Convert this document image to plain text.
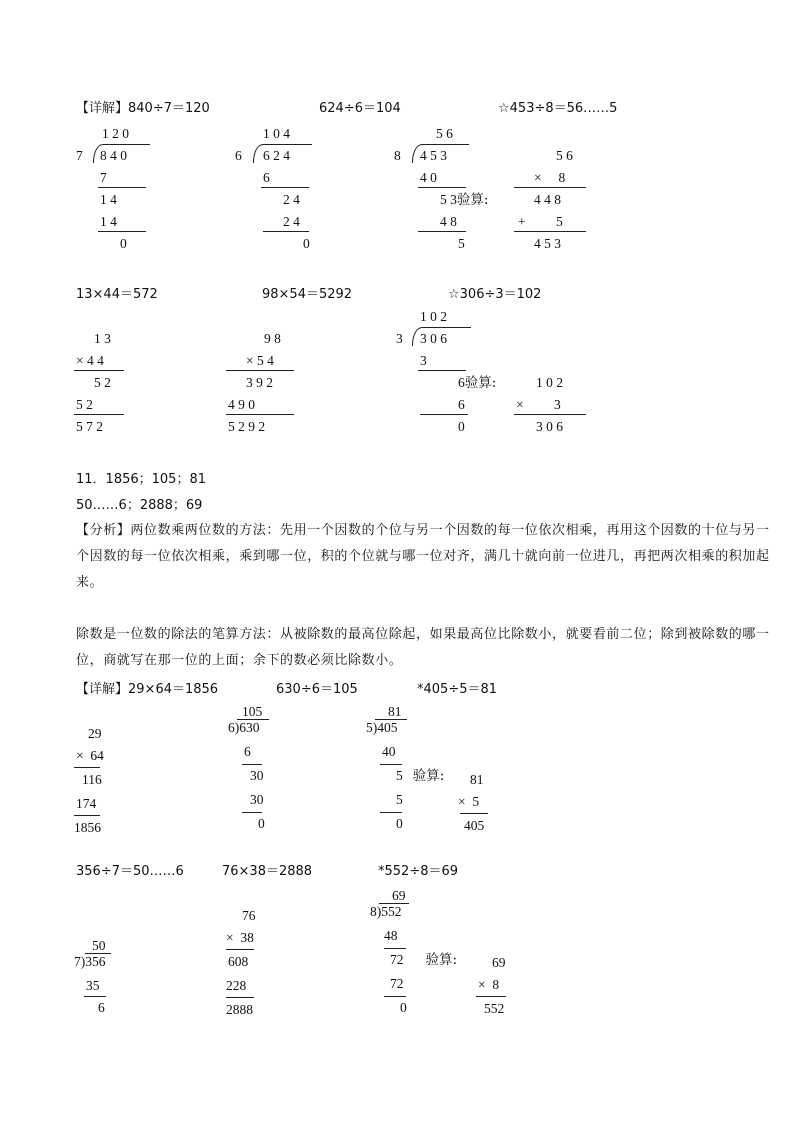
【详解】840÷7＝120	624÷6＝104	☆453÷8＝56……5
1 2 0
7 8 4 0
7
1 4
1 4
0
1 0 4
6 6 2 4
6
2 4
2 4
0
5 6
8 4 5 3
4 0
5 3验算:
4 8
5
5 6
×     8
4 4 8
+         5
4 5 3
13×44＝572	98×54＝5292	☆306÷3＝102
1 3
× 4 4
5 2
5 2
5 7 2
9 8
× 5 4
3 9 2
4 9 0
5 2 9 2
1 0 2
3 3 0 6
3
6验算:
6
0
1 0 2
×         3
3 0 6
11．1856；105；81
50……6；2888；69
【分析】两位数乘两位数的方法：先用一个因数的个位与另一个因数的每一位依次相乘，再用这个因数的十位与另一个因数的每一位依次相乘，乘到哪一位，积的个位就与哪一位对齐，满几十就向前一位进几，再把两次相乘的积加起来。
除数是一位数的除法的笔算方法：从被除数的最高位除起，如果最高位比除数小，就要看前二位；除到被除数的哪一位，商就写在那一位的上面；余下的数必须比除数小。
【详解】29×64＝1856	630÷6＝105	*405÷5＝81
29
×  64
116
174
1856
105
6)630
6
30
30
0
81
5)405
40
5 验算:
5
0
81
×  5
405
356÷7＝50……6	76×38＝2888	*552÷8＝69
50
7)356
35
6
76
×  38
608
228
2888
69
8)552
48
72 验算:
72
0
69
×  8
552
